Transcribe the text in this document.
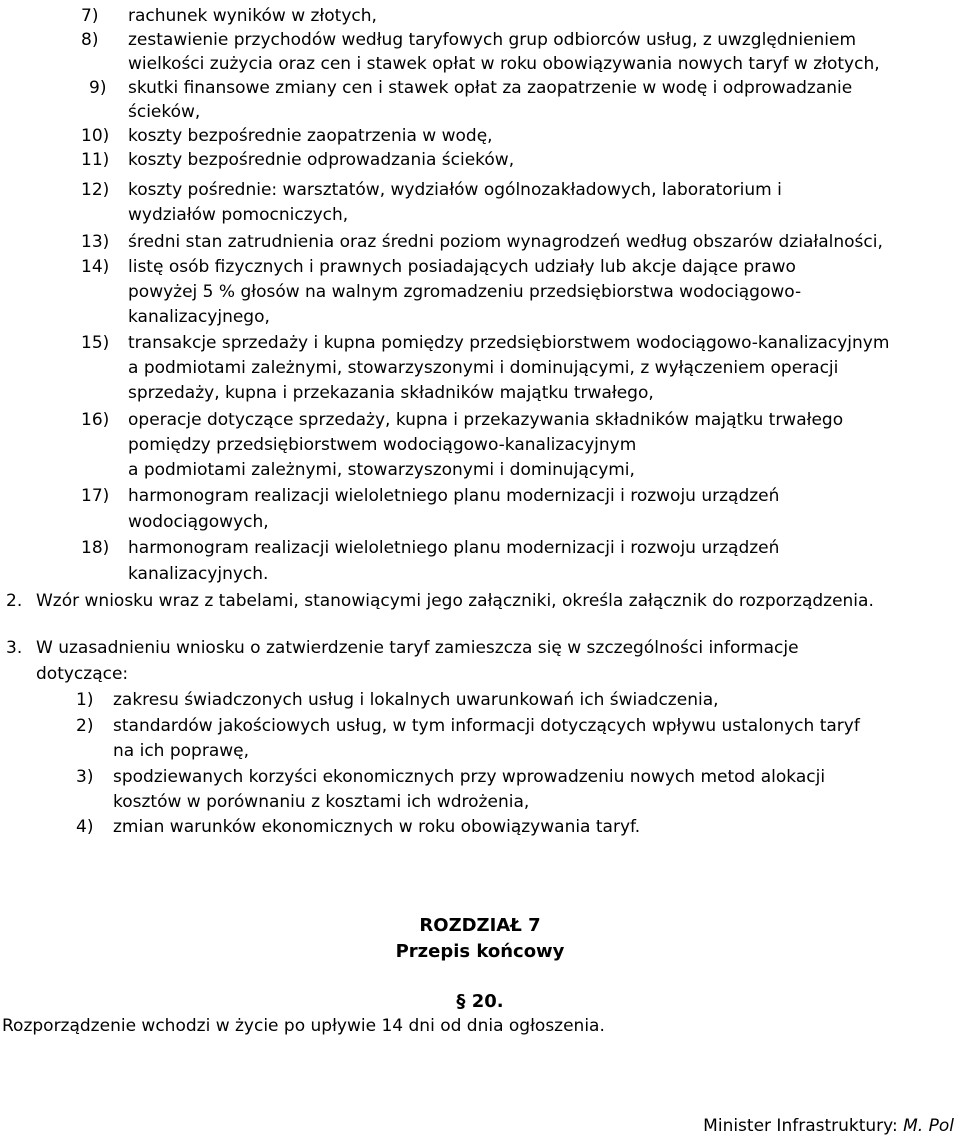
7) rachunek wyników w złotych,
8) zestawienie przychodów według taryfowych grup odbiorców usług, z uwzględnieniem
wielkości zużycia oraz cen i stawek opłat w roku obowiązywania nowych taryf w złotych,
9) skutki finansowe zmiany cen i stawek opłat za zaopatrzenie w wodę i odprowadzanie
ścieków,
10) koszty bezpośrednie zaopatrzenia w wodę,
11) koszty bezpośrednie odprowadzania ścieków,
12) koszty pośrednie: warsztatów, wydziałów ogólnozakładowych, laboratorium i
wydziałów pomocniczych,
13) średni stan zatrudnienia oraz średni poziom wynagrodzeń według obszarów działalności,
14) listę osób fizycznych i prawnych posiadających udziały lub akcje dające prawo
powyżej 5 % głosów na walnym zgromadzeniu przedsiębiorstwa wodociągowo-
kanalizacyjnego,
15) transakcje sprzedaży i kupna pomiędzy przedsiębiorstwem wodociągowo-kanalizacyjnym
a podmiotami zależnymi, stowarzyszonymi i dominującymi, z wyłączeniem operacji
sprzedaży, kupna i przekazania składników majątku trwałego,
16) operacje dotyczące sprzedaży, kupna i przekazywania składników majątku trwałego
pomiędzy przedsiębiorstwem wodociągowo-kanalizacyjnym
a podmiotami zależnymi, stowarzyszonymi i dominującymi,
17) harmonogram realizacji wieloletniego planu modernizacji i rozwoju urządzeń
wodociągowych,
18) harmonogram realizacji wieloletniego planu modernizacji i rozwoju urządzeń
kanalizacyjnych.
2. Wzór wniosku wraz z tabelami, stanowiącymi jego załączniki, określa załącznik do rozporządzenia.
3. W uzasadnieniu wniosku o zatwierdzenie taryf zamieszcza się w szczególności informacje
dotyczące:
1) zakresu świadczonych usług i lokalnych uwarunkowań ich świadczenia,
2) standardów jakościowych usług, w tym informacji dotyczących wpływu ustalonych taryf
na ich poprawę,
3) spodziewanych korzyści ekonomicznych przy wprowadzeniu nowych metod alokacji
kosztów w porównaniu z kosztami ich wdrożenia,
4) zmian warunków ekonomicznych w roku obowiązywania taryf.
ROZDZIAŁ 7
Przepis końcowy
§ 20.
Rozporządzenie wchodzi w życie po upływie 14 dni od dnia ogłoszenia.
Minister Infrastruktury: M. Pol
